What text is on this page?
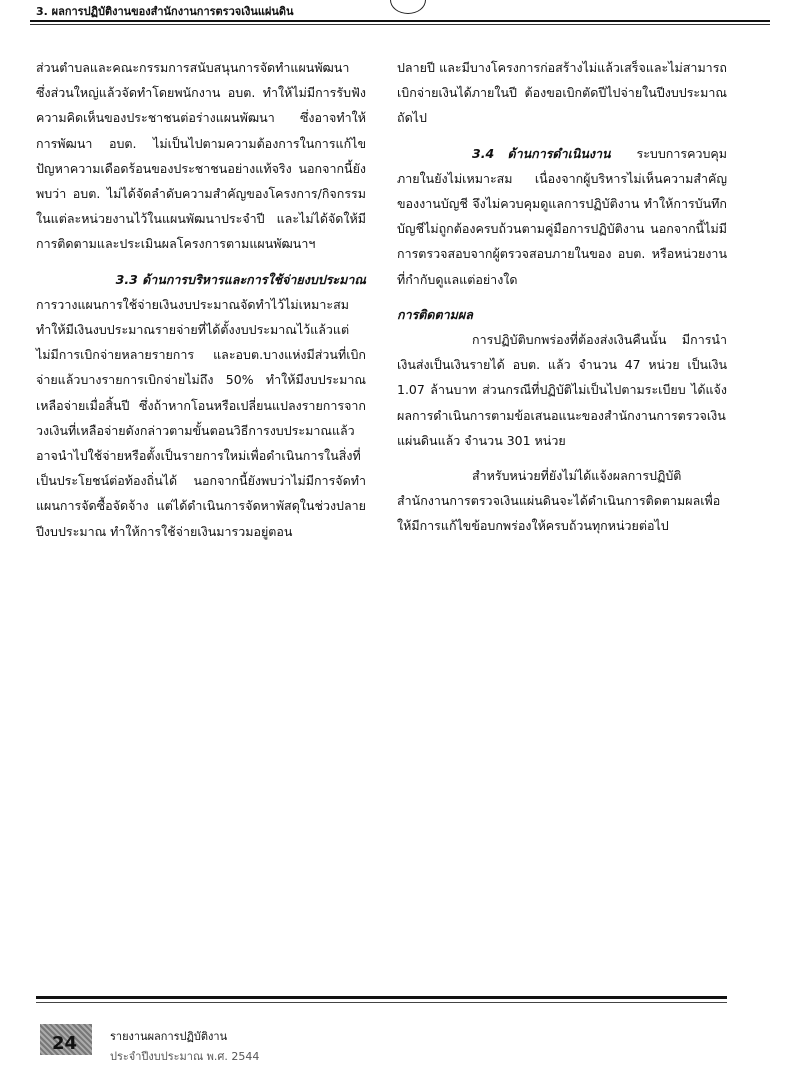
3. ผลการปฏิบัติงานของสำนักงานการตรวจเงินแผ่นดิน

ส่วนตำบลและคณะกรรมการสนับสนุนการจัดทำแผนพัฒนา ซึ่งส่วนใหญ่แล้วจัดทำโดยพนักงาน อบต. ทำให้ไม่มีการรับฟังความคิดเห็นของประชาชนต่อร่างแผนพัฒนา ซึ่งอาจทำให้การพัฒนา อบต. ไม่เป็นไปตามความต้องการในการแก้ไขปัญหาความเดือดร้อนของประชาชนอย่างแท้จริง นอกจากนี้ยังพบว่า อบต. ไม่ได้จัดลำดับความสำคัญของโครงการ/กิจกรรม ในแต่ละหน่วยงานไว้ในแผนพัฒนาประจำปี และไม่ได้จัดให้มีการติดตามและประเมินผลโครงการตามแผนพัฒนาฯ

3.3 ด้านการบริหารและการใช้จ่ายงบประมาณ

การวางแผนการใช้จ่ายเงินงบประมาณจัดทำไว้ไม่เหมาะสม ทำให้มีเงินงบประมาณรายจ่ายที่ได้ตั้งงบประมาณไว้แล้วแต่ไม่มีการเบิกจ่ายหลายรายการ และอบต.บางแห่งมีส่วนที่เบิกจ่ายแล้วบางรายการเบิกจ่ายไม่ถึง 50% ทำให้มีงบประมาณเหลือจ่ายเมื่อสิ้นปี ซึ่งถ้าหากโอนหรือเปลี่ยนแปลงรายการจากวงเงินที่เหลือจ่ายดังกล่าวตามขั้นตอนวิธีการงบประมาณแล้ว อาจนำไปใช้จ่ายหรือตั้งเป็นรายการใหม่เพื่อดำเนินการในสิ่งที่เป็นประโยชน์ต่อท้องถิ่นได้ นอกจากนี้ยังพบว่าไม่มีการจัดทำแผนการจัดซื้อจัดจ้าง แต่ได้ดำเนินการจัดหาพัสดุในช่วงปลายปีงบประมาณ ทำให้การใช้จ่ายเงินมารวมอยู่ตอน

ปลายปี และมีบางโครงการก่อสร้างไม่แล้วเสร็จและไม่สามารถเบิกจ่ายเงินได้ภายในปี ต้องขอเบิกตัดปีไปจ่ายในปีงบประมาณถัดไป

3.4 ด้านการดำเนินงาน ระบบการควบคุมภายในยังไม่เหมาะสม เนื่องจากผู้บริหารไม่เห็นความสำคัญของงานบัญชี จึงไม่ควบคุมดูแลการปฏิบัติงาน ทำให้การบันทึกบัญชีไม่ถูกต้องครบถ้วนตามคู่มือการปฏิบัติงาน นอกจากนี้ไม่มีการตรวจสอบจากผู้ตรวจสอบภายในของ อบต. หรือหน่วยงานที่กำกับดูแลแต่อย่างใด

การติดตามผล

การปฏิบัติบกพร่องที่ต้องส่งเงินคืนนั้น มีการนำเงินส่งเป็นเงินรายได้ อบต. แล้ว จำนวน 47 หน่วย เป็นเงิน 1.07 ล้านบาท ส่วนกรณีที่ปฏิบัติไม่เป็นไปตามระเบียบ ได้แจ้งผลการดำเนินการตามข้อเสนอแนะของสำนักงานการตรวจเงินแผ่นดินแล้ว จำนวน 301 หน่วย

สำหรับหน่วยที่ยังไม่ได้แจ้งผลการปฏิบัติ สำนักงานการตรวจเงินแผ่นดินจะได้ดำเนินการติดตามผลเพื่อให้มีการแก้ไขข้อบกพร่องให้ครบถ้วนทุกหน่วยต่อไป

24	รายงานผลการปฏิบัติงาน
ประจำปีงบประมาณ พ.ศ. 2544
